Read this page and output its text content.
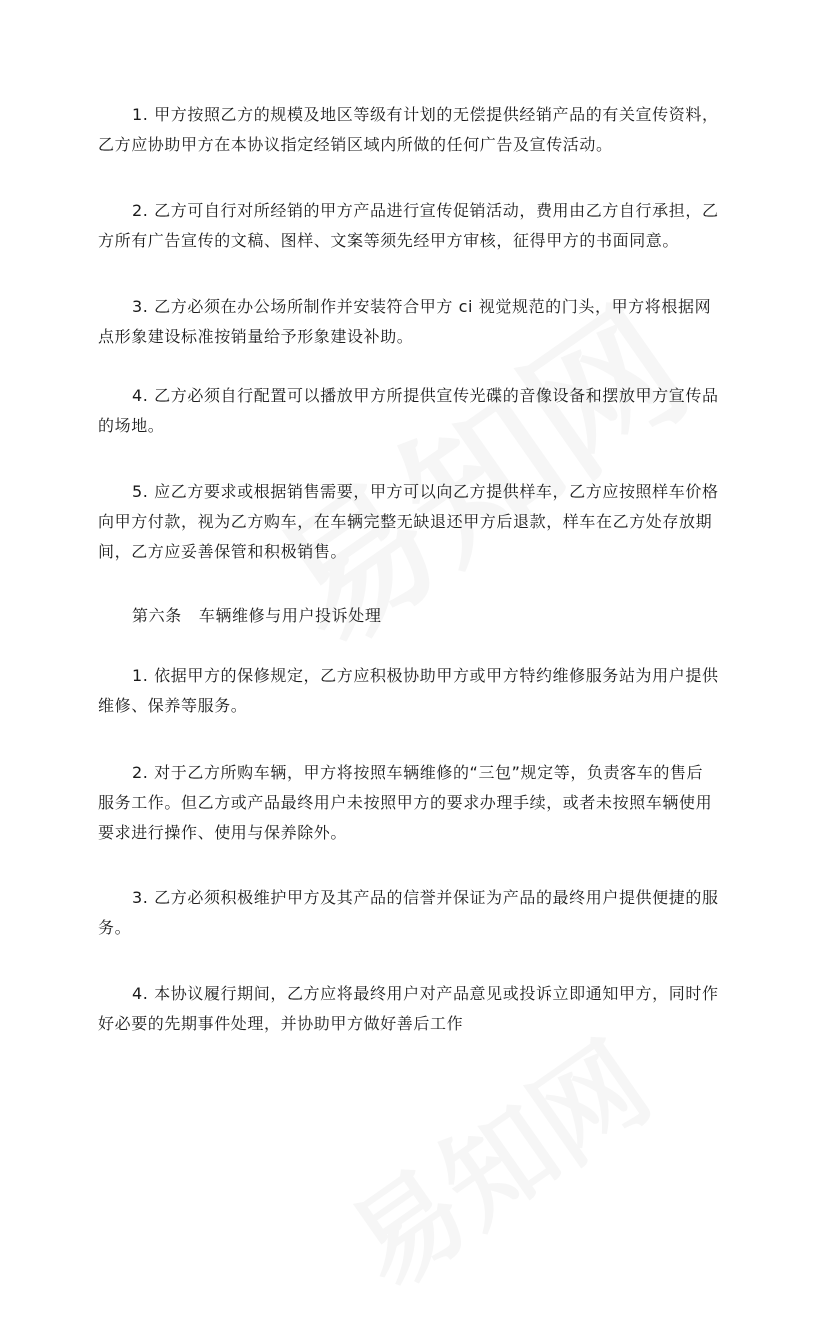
1. 甲方按照乙方的规模及地区等级有计划的无偿提供经销产品的有关宣传资料，
乙方应协助甲方在本协议指定经销区域内所做的任何广告及宣传活动。
2. 乙方可自行对所经销的甲方产品进行宣传促销活动，费用由乙方自行承担，乙
方所有广告宣传的文稿、图样、文案等须先经甲方审核，征得甲方的书面同意。
3. 乙方必须在办公场所制作并安装符合甲方 ci 视觉规范的门头，甲方将根据网
点形象建设标准按销量给予形象建设补助。
4. 乙方必须自行配置可以播放甲方所提供宣传光碟的音像设备和摆放甲方宣传品
的场地。
5. 应乙方要求或根据销售需要，甲方可以向乙方提供样车，乙方应按照样车价格
向甲方付款，视为乙方购车，在车辆完整无缺退还甲方后退款，样车在乙方处存放期
间，乙方应妥善保管和积极销售。
第六条   车辆维修与用户投诉处理
1. 依据甲方的保修规定，乙方应积极协助甲方或甲方特约维修服务站为用户提供
维修、保养等服务。
2. 对于乙方所购车辆，甲方将按照车辆维修的“三包”规定等，负责客车的售后
服务工作。但乙方或产品最终用户未按照甲方的要求办理手续，或者未按照车辆使用
要求进行操作、使用与保养除外。
3. 乙方必须积极维护甲方及其产品的信誉并保证为产品的最终用户提供便捷的服
务。
4. 本协议履行期间，乙方应将最终用户对产品意见或投诉立即通知甲方，同时作
好必要的先期事件处理，并协助甲方做好善后工作
